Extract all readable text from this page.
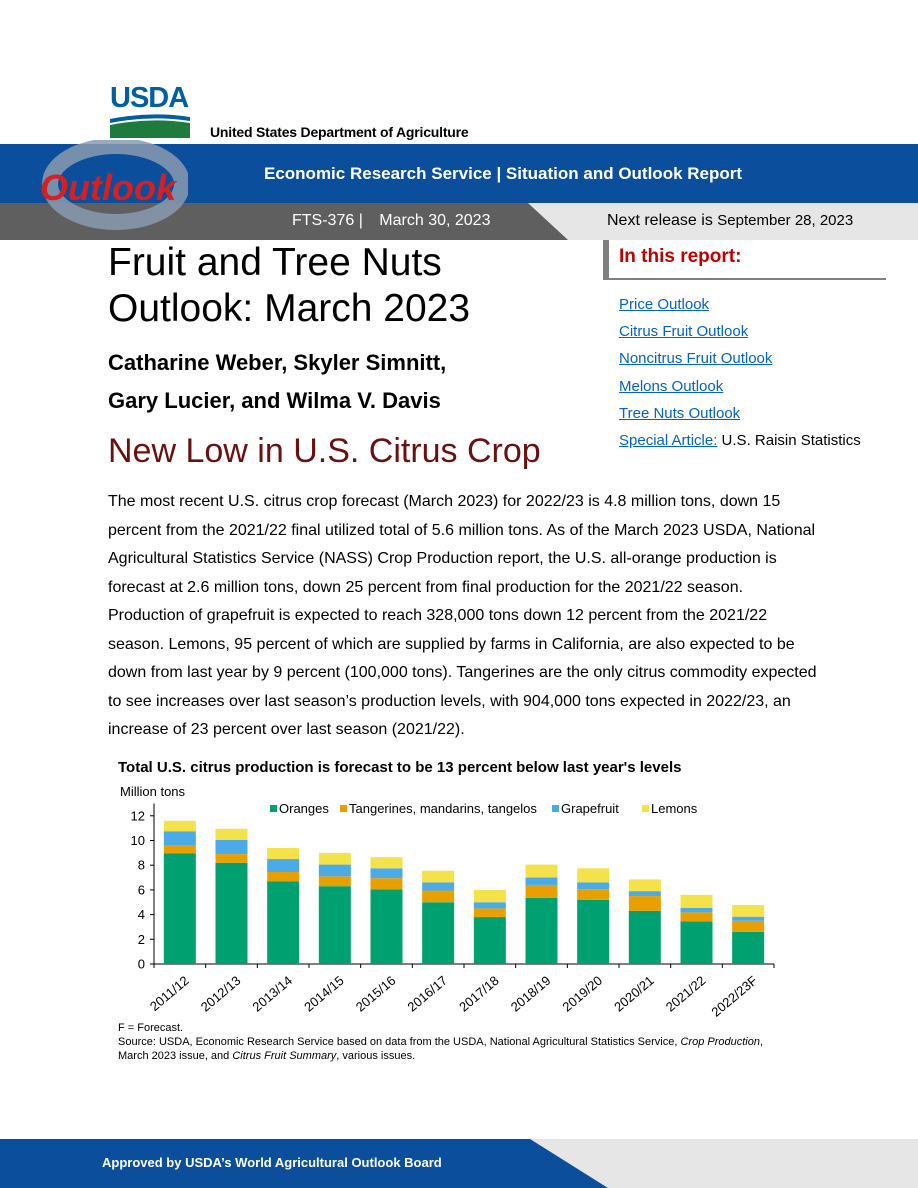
USDA
United States Department of Agriculture
Outlook	Economic Research Service | Situation and Outlook Report
FTS-376 | March 30, 2023	Next release is September 28, 2023
Fruit and Tree Nuts
Outlook: March 2023
Catharine Weber, Skyler Simnitt,
Gary Lucier, and Wilma V. Davis
New Low in U.S. Citrus Crop
In this report:
Price Outlook
Citrus Fruit Outlook
Noncitrus Fruit Outlook
Melons Outlook
Tree Nuts Outlook
Special Article: U.S. Raisin Statistics
The most recent U.S. citrus crop forecast (March 2023) for 2022/23 is 4.8 million tons, down 15 percent from the 2021/22 final utilized total of 5.6 million tons. As of the March 2023 USDA, National Agricultural Statistics Service (NASS) Crop Production report, the U.S. all-orange production is forecast at 2.6 million tons, down 25 percent from final production for the 2021/22 season. Production of grapefruit is expected to reach 328,000 tons down 12 percent from the 2021/22 season. Lemons, 95 percent of which are supplied by farms in California, are also expected to be down from last year by 9 percent (100,000 tons). Tangerines are the only citrus commodity expected to see increases over last season’s production levels, with 904,000 tons expected in 2022/23, an increase of 23 percent over last season (2021/22).
Total U.S. citrus production is forecast to be 13 percent below last year's levels
Million tons
0
2
4
6
8
10
12
2011/12 2012/13 2013/14 2014/15 2015/16 2016/17 2017/18 2018/19 2019/20 2020/21 2021/22 2022/23F
Oranges Tangerines, mandarins, tangelos Grapefruit Lemons
F = Forecast.
Source: USDA, Economic Research Service based on data from the USDA, National Agricultural Statistics Service, Crop Production, March 2023 issue, and Citrus Fruit Summary, various issues.
Approved by USDA’s World Agricultural Outlook Board
